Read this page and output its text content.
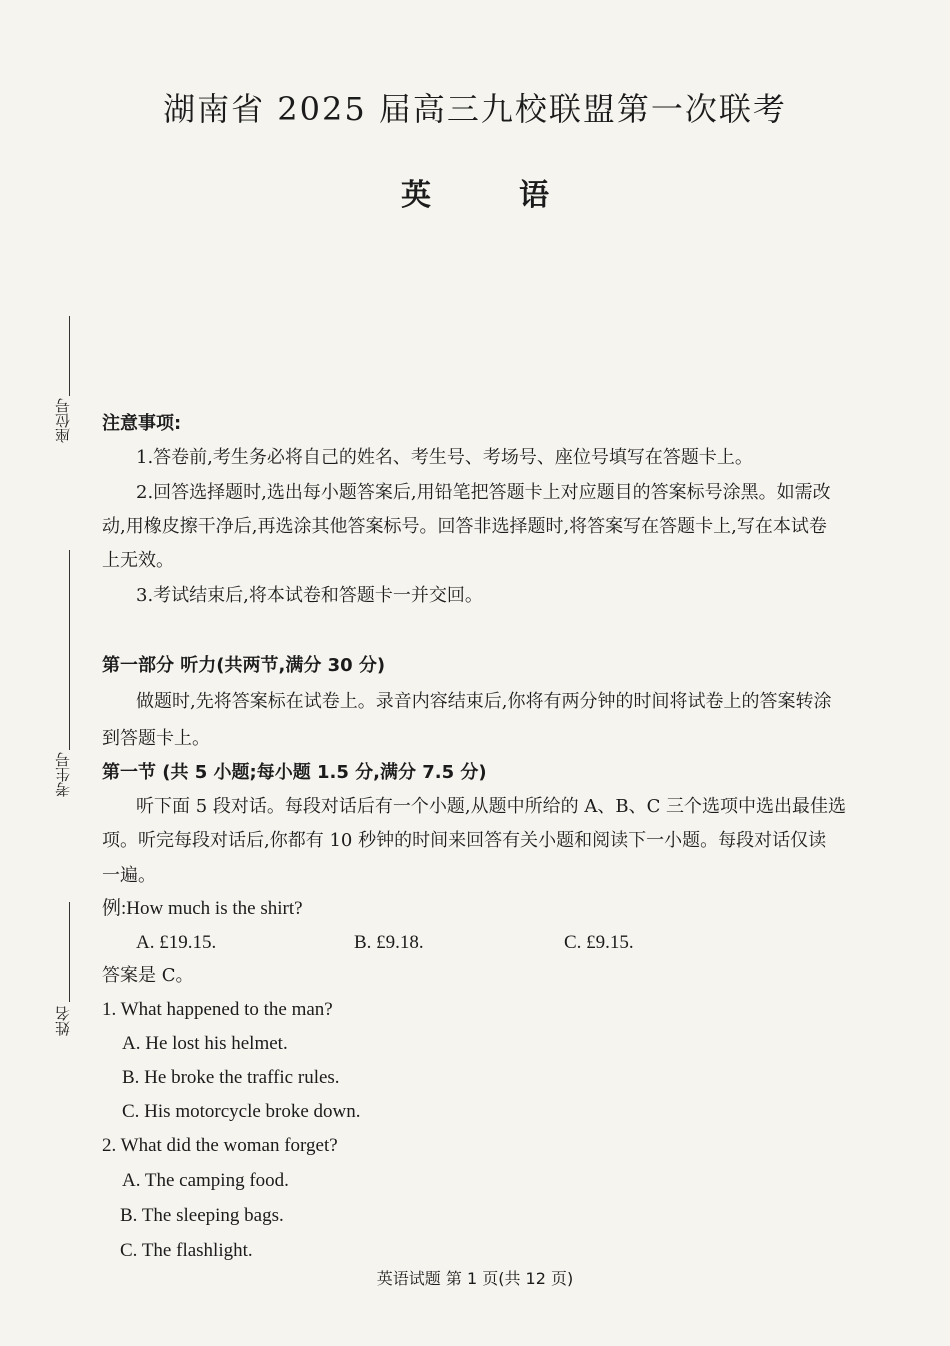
湖南省 2025 届高三九校联盟第一次联考
英	语
座位号
考生号
姓名
注意事项:
1.答卷前,考生务必将自己的姓名、考生号、考场号、座位号填写在答题卡上。
2.回答选择题时,选出每小题答案后,用铅笔把答题卡上对应题目的答案标号涂黑。如需改
动,用橡皮擦干净后,再选涂其他答案标号。回答非选择题时,将答案写在答题卡上,写在本试卷
上无效。
3.考试结束后,将本试卷和答题卡一并交回。
第一部分 听力(共两节,满分 30 分)
做题时,先将答案标在试卷上。录音内容结束后,你将有两分钟的时间将试卷上的答案转涂
到答题卡上。
第一节 (共 5 小题;每小题 1.5 分,满分 7.5 分)
听下面 5 段对话。每段对话后有一个小题,从题中所给的 A、B、C 三个选项中选出最佳选
项。听完每段对话后,你都有 10 秒钟的时间来回答有关小题和阅读下一小题。每段对话仅读
一遍。
例:How much is the shirt?
A. £19.15.	B. £9.18.	C. £9.15.
答案是 C。
1. What happened to the man?
A. He lost his helmet.
B. He broke the traffic rules.
C. His motorcycle broke down.
2. What did the woman forget?
A. The camping food.
B. The sleeping bags.
C. The flashlight.
英语试题 第 1 页(共 12 页)
